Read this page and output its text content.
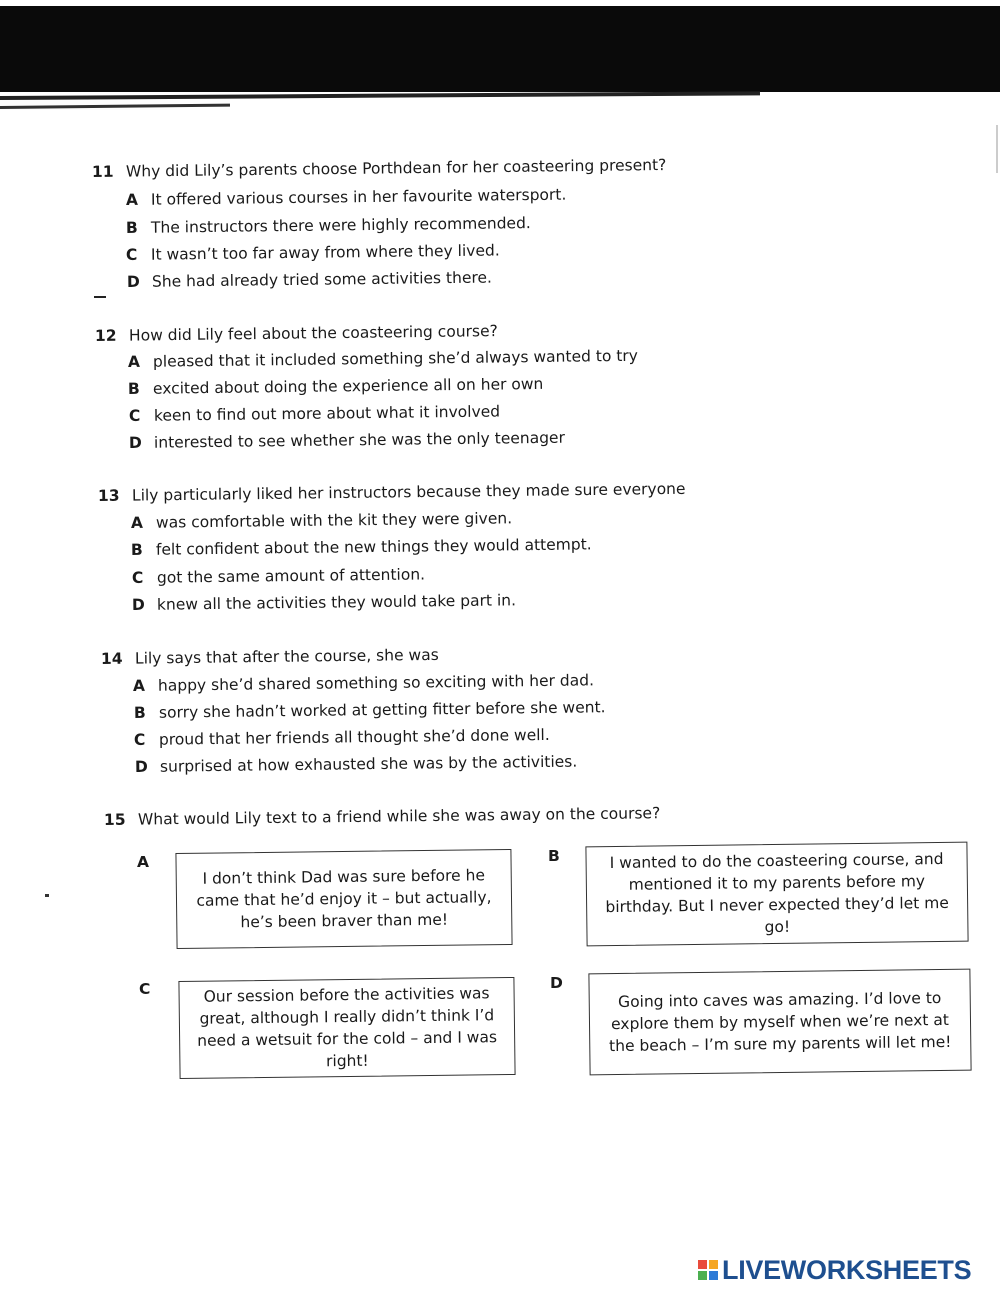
11 Why did Lily’s parents choose Porthdean for her coasteering present?
A It offered various courses in her favourite watersport.
B The instructors there were highly recommended.
C It wasn’t too far away from where they lived.
D She had already tried some activities there.
12 How did Lily feel about the coasteering course?
A pleased that it included something she’d always wanted to try
B excited about doing the experience all on her own
C keen to find out more about what it involved
D interested to see whether she was the only teenager
13 Lily particularly liked her instructors because they made sure everyone
A was comfortable with the kit they were given.
B felt confident about the new things they would attempt.
C got the same amount of attention.
D knew all the activities they would take part in.
14 Lily says that after the course, she was
A happy she’d shared something so exciting with her dad.
B sorry she hadn’t worked at getting fitter before she went.
C proud that her friends all thought she’d done well.
D surprised at how exhausted she was by the activities.
15 What would Lily text to a friend while she was away on the course?
A
I don’t think Dad was sure before he came that he’d enjoy it – but actually, he’s been braver than me!
B	I wanted to do the coasteering course, and mentioned it to my parents before my birthday. But I never expected they’d let me go!
C	Our session before the activities was great, although I really didn’t think I’d need a wetsuit for the cold – and I was right!
D
Going into caves was amazing. I’d love to explore them by myself when we’re next at the beach – I’m sure my parents will let me!
LIVEWORKSHEETS
